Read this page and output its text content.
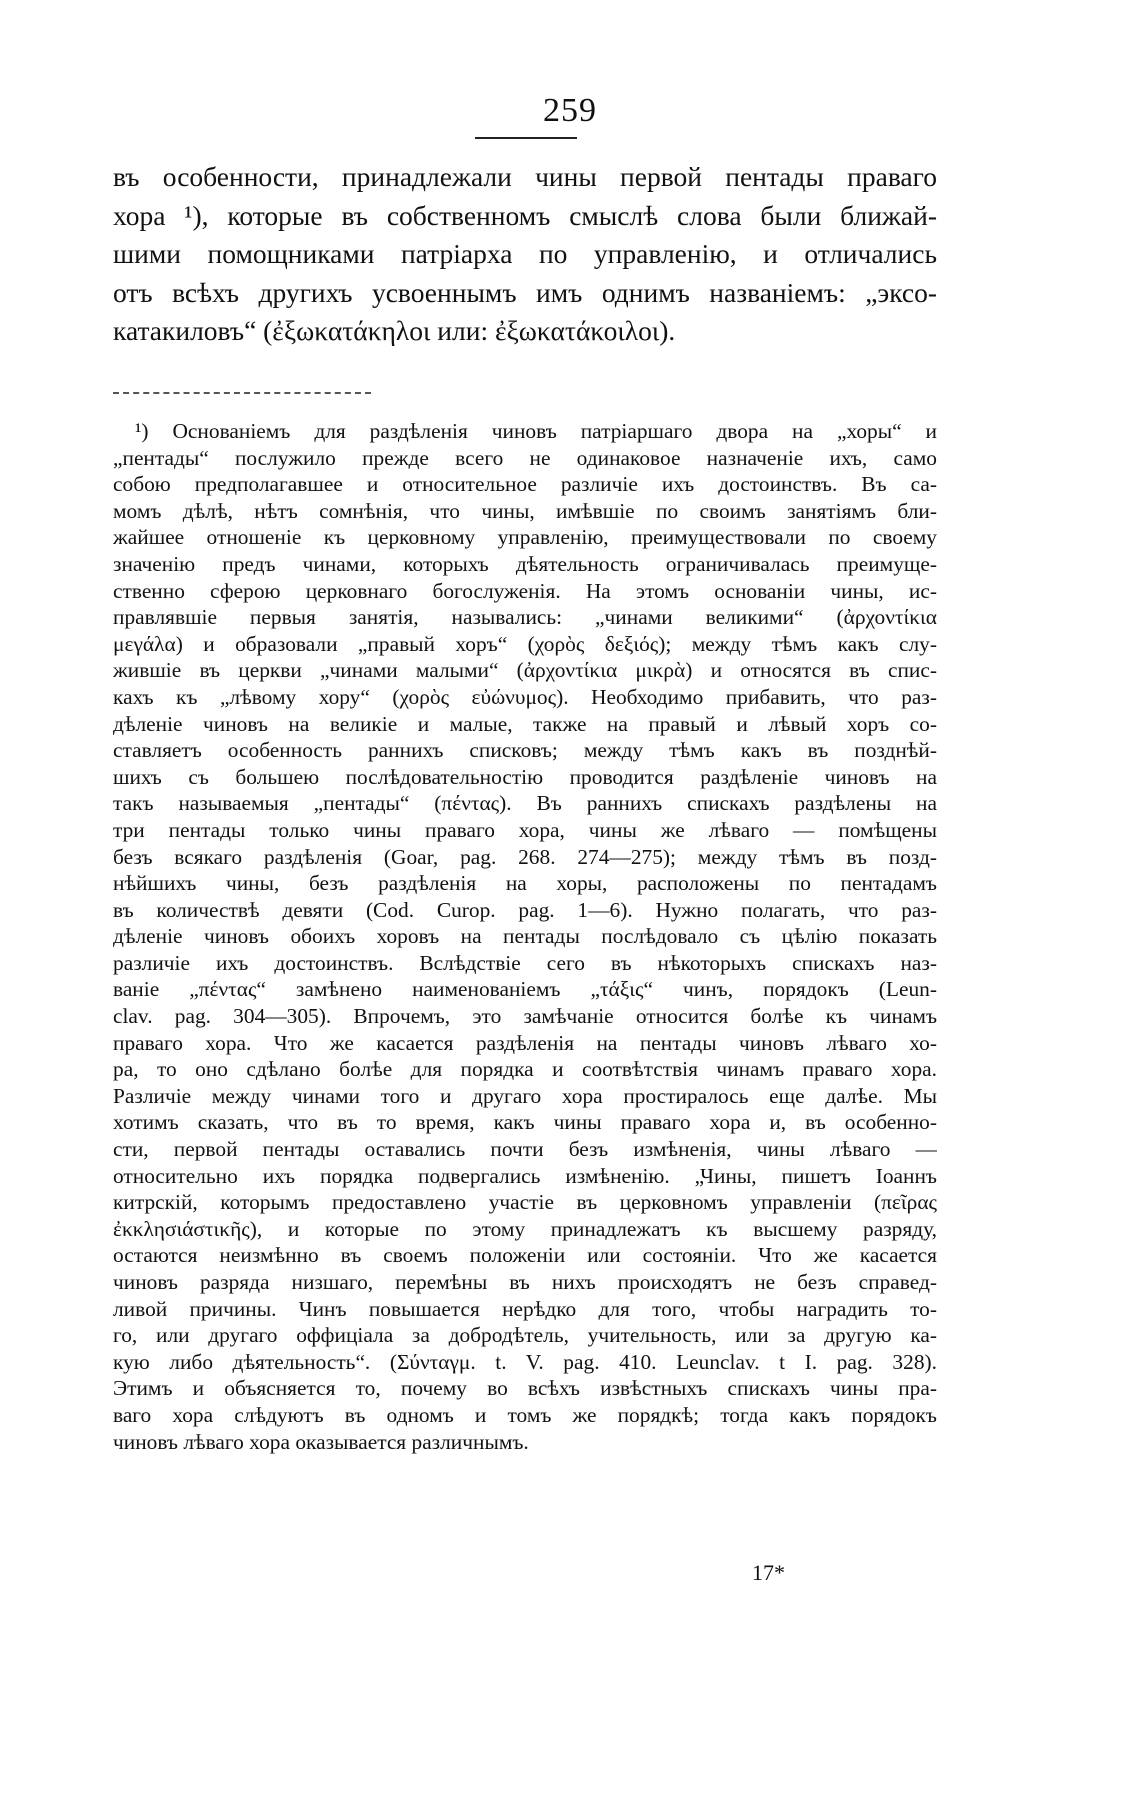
259
въ особенности, принадлежали чины первой пентады праваго
хора ¹), которые въ собственномъ смыслѣ слова были ближай-
шими помощниками патріарха по управленію, и отличались
отъ всѣхъ другихъ усвоеннымъ имъ однимъ названіемъ: „эксо-
катакиловъ“ (ἐξωκατάκηλοι или: ἐξωκατάκοιλοι).
¹) Основаніемъ для раздѣленія чиновъ патріаршаго двора на „хоры“ и
„пентады“ послужило прежде всего не одинаковое назначеніе ихъ, само
собою предполагавшее и относительное различіе ихъ достоинствъ. Въ са-
момъ дѣлѣ, нѣтъ сомнѣнія, что чины, имѣвшіе по своимъ занятіямъ бли-
жайшее отношеніе къ церковному управленію, преимуществовали по своему
значенію предъ чинами, которыхъ дѣятельность ограничивалась преимуще-
ственно сферою церковнаго богослуженія. На этомъ основаніи чины, ис-
правлявшіе первыя занятія, назывались: „чинами великими“ (ἀρχοντίκια
μεγάλα) и образовали „правый хоръ“ (χορὸς δεξιός); между тѣмъ какъ слу-
жившіе въ церкви „чинами малыми“ (ἀρχοντίκια μικρὰ) и относятся въ спис-
кахъ къ „лѣвому хору“ (χορὸς εὐώνυμος). Необходимо прибавить, что раз-
дѣленіе чиновъ на великіе и малые, также на правый и лѣвый хоръ со-
ставляетъ особенность раннихъ списковъ; между тѣмъ какъ въ позднѣй-
шихъ съ большею послѣдовательностію проводится раздѣленіе чиновъ на
такъ называемыя „пентады“ (πέντας). Въ раннихъ спискахъ раздѣлены на
три пентады только чины праваго хора, чины же лѣваго — помѣщены
безъ всякаго раздѣленія (Goar, pag. 268. 274—275); между тѣмъ въ позд-
нѣйшихъ чины, безъ раздѣленія на хоры, расположены по пентадамъ
въ количествѣ девяти (Cod. Curop. pag. 1—6). Нужно полагать, что раз-
дѣленіе чиновъ обоихъ хоровъ на пентады послѣдовало съ цѣлію показать
различіе ихъ достоинствъ. Вслѣдствіе сего въ нѣкоторыхъ спискахъ наз-
ваніе „πέντας“ замѣнено наименованіемъ „τάξις“ чинъ, порядокъ (Leun-
clav. pag. 304—305). Впрочемъ, это замѣчаніе относится болѣе къ чинамъ
праваго хора. Что же касается раздѣленія на пентады чиновъ лѣваго хо-
ра, то оно сдѣлано болѣе для порядка и соотвѣтствія чинамъ праваго хора.
Различіе между чинами того и другаго хора простиралось еще далѣе. Мы
хотимъ сказать, что въ то время, какъ чины праваго хора и, въ особенно-
сти, первой пентады оставались почти безъ измѣненія, чины лѣваго —
относительно ихъ порядка подвергались измѣненію. „Чины, пишетъ Іоаннъ
китрскій, которымъ предоставлено участіе въ церковномъ управленіи (πεῖρας
ἐκκλησιάστικῆς), и которые по этому принадлежатъ къ высшему разряду,
остаются неизмѣнно въ своемъ положеніи или состояніи. Что же касается
чиновъ разряда низшаго, перемѣны въ нихъ происходятъ не безъ справед-
ливой причины. Чинъ повышается нерѣдко для того, чтобы наградить то-
го, или другаго оффиціала за добродѣтель, учительность, или за другую ка-
кую либо дѣятельность“. (Σύνταγμ. t. V. pag. 410. Leunclav. t I. pag. 328).
Этимъ и объясняется то, почему во всѣхъ извѣстныхъ спискахъ чины пра-
ваго хора слѣдуютъ въ одномъ и томъ же порядкѣ; тогда какъ порядокъ
чиновъ лѣваго хора оказывается различнымъ.
17*
